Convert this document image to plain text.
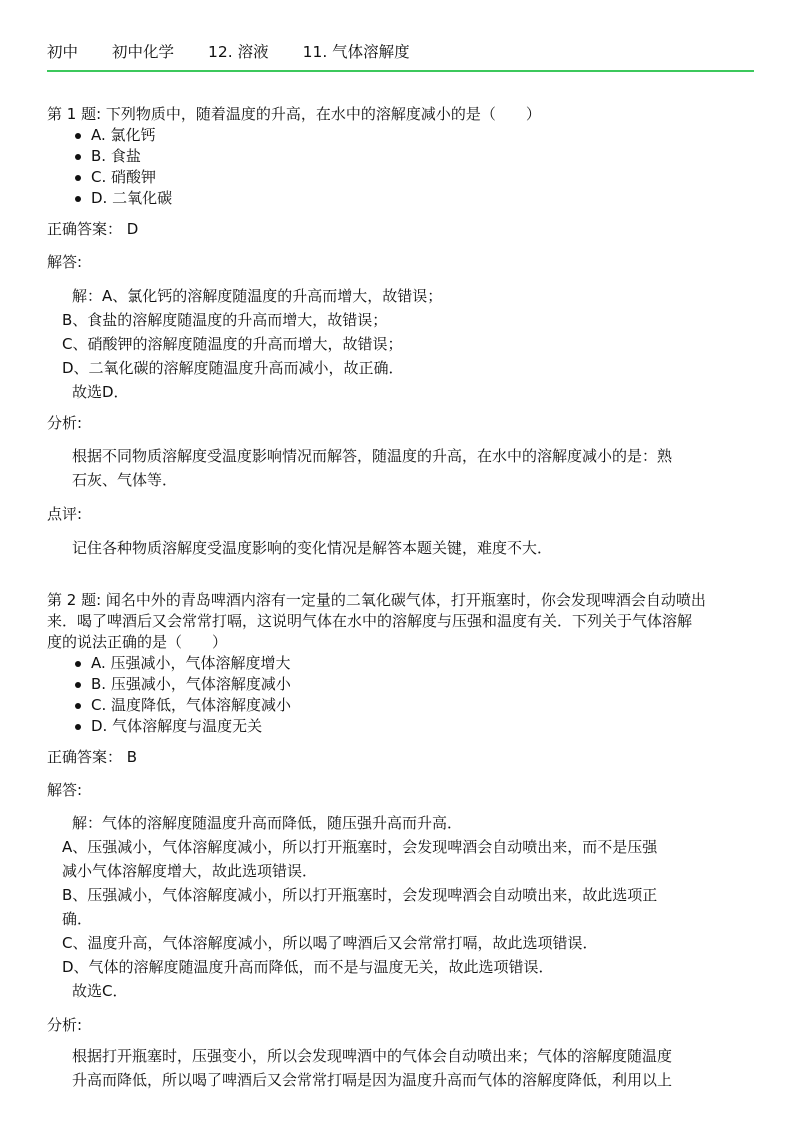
初中 初中化学 12. 溶液 11. 气体溶解度

第 1 题: 下列物质中，随着温度的升高，在水中的溶解度减小的是（　　）

A. 氯化钙
B. 食盐
C. 硝酸钾
D. 二氧化碳
正确答案： D
解答:

解：A、氯化钙的溶解度随温度的升高而增大，故错误；

B、食盐的溶解度随温度的升高而增大，故错误；

C、硝酸钾的溶解度随温度的升高而增大，故错误；

D、二氧化碳的溶解度随温度升高而减小，故正确．

故选D．

分析:

根据不同物质溶解度受温度影响情况而解答，随温度的升高，在水中的溶解度减小的是：熟

石灰、气体等．

点评:

记住各种物质溶解度受温度影响的变化情况是解答本题关键，难度不大．

第 2 题: 闻名中外的青岛啤酒内溶有一定量的二氧化碳气体，打开瓶塞时，你会发现啤酒会自动喷出

来．喝了啤酒后又会常常打嗝，这说明气体在水中的溶解度与压强和温度有关．下列关于气体溶解

度的说法正确的是（　　）

A. 压强减小，气体溶解度增大
B. 压强减小，气体溶解度减小
C. 温度降低，气体溶解度减小
D. 气体溶解度与温度无关
正确答案： B
解答:

解：气体的溶解度随温度升高而降低，随压强升高而升高．

A、压强减小，气体溶解度减小，所以打开瓶塞时，会发现啤酒会自动喷出来，而不是压强

减小气体溶解度增大，故此选项错误．

B、压强减小，气体溶解度减小，所以打开瓶塞时，会发现啤酒会自动喷出来，故此选项正

确．

C、温度升高，气体溶解度减小，所以喝了啤酒后又会常常打嗝，故此选项错误．

D、气体的溶解度随温度升高而降低，而不是与温度无关，故此选项错误．

故选C．

分析:

根据打开瓶塞时，压强变小，所以会发现啤酒中的气体会自动喷出来；气体的溶解度随温度

升高而降低，所以喝了啤酒后又会常常打嗝是因为温度升高而气体的溶解度降低，利用以上
